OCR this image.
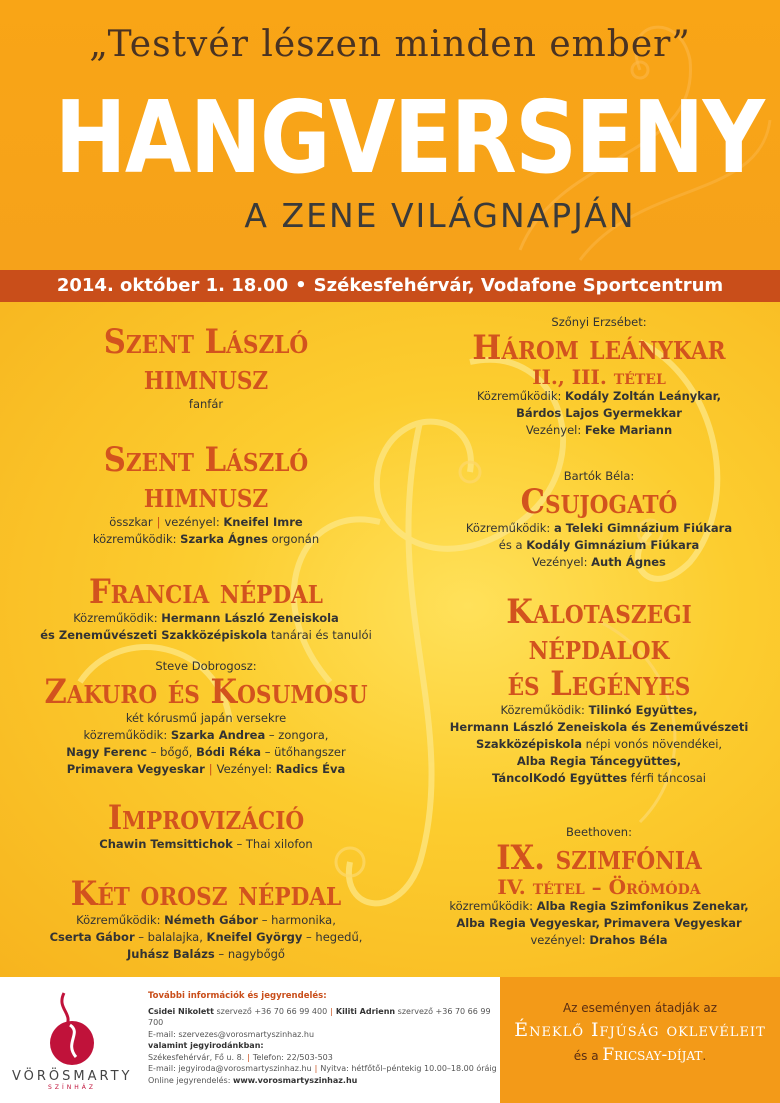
„Testvér lészen minden ember”
HANGVERSENY
A ZENE VILÁGNAPJÁN
2014. október 1. 18.00 • Székesfehérvár, Vodafone Sportcentrum
Szent László
himnusz
fanfár
Szent László
himnusz
összkar | vezényel: Kneifel Imre
közreműködik: Szarka Ágnes orgonán
Francia népdal
Közreműködik: Hermann László Zeneiskola
és Zeneművészeti Szakközépiskola tanárai és tanulói
Steve Dobrogosz:
Zakuro és Kosumosu
két kórusmű japán versekre
közreműködik: Szarka Andrea – zongora,
Nagy Ferenc – bőgő, Bódi Réka – ütőhangszer
Primavera Vegyeskar | Vezényel: Radics Éva
Improvizáció
Chawin Temsittichok – Thai xilofon
Két orosz népdal
Közreműködik: Németh Gábor – harmonika,
Cserta Gábor – balalajka, Kneifel György – hegedű,
Juhász Balázs – nagybőgő
Szőnyi Erzsébet:
Három leánykar
II., III. tétel
Közreműködik: Kodály Zoltán Leánykar,
Bárdos Lajos Gyermekkar
Vezényel: Feke Mariann
Bartók Béla:
Csujogató
Közreműködik: a Teleki Gimnázium Fiúkara
és a Kodály Gimnázium Fiúkara
Vezényel: Auth Ágnes
Kalotaszegi
népdalok
és Legényes
Közreműködik: Tilinkó Együttes,
Hermann László Zeneiskola és Zeneművészeti
Szakközépiskola népi vonós növendékei,
Alba Regia Táncegyüttes,
TáncolKodó Együttes férfi táncosai
Beethoven:
IX. szimfónia
IV. tétel – Örömóda
közreműködik: Alba Regia Szimfonikus Zenekar,
Alba Regia Vegyeskar, Primavera Vegyeskar
vezényel: Drahos Béla
VÖRÖSMARTY
SZÍNHÁZ
További információk és jegyrendelés:
Csidei Nikolett szervező +36 70 66 99 400 | Kiliti Adrienn szervező +36 70 66 99 700
E-mail: szervezes@vorosmartyszinhaz.hu
valamint jegyirodánkban:
Székesfehérvár, Fő u. 8. | Telefon: 22/503-503
E-mail: jegyiroda@vorosmartyszinhaz.hu | Nyitva: hétfőtől–péntekig 10.00–18.00 óráig
Online jegyrendelés: www.vorosmartyszinhaz.hu
Az eseményen átadják az
Éneklő Ifjúság oklevéleit
és a Fricsay-díjat.
